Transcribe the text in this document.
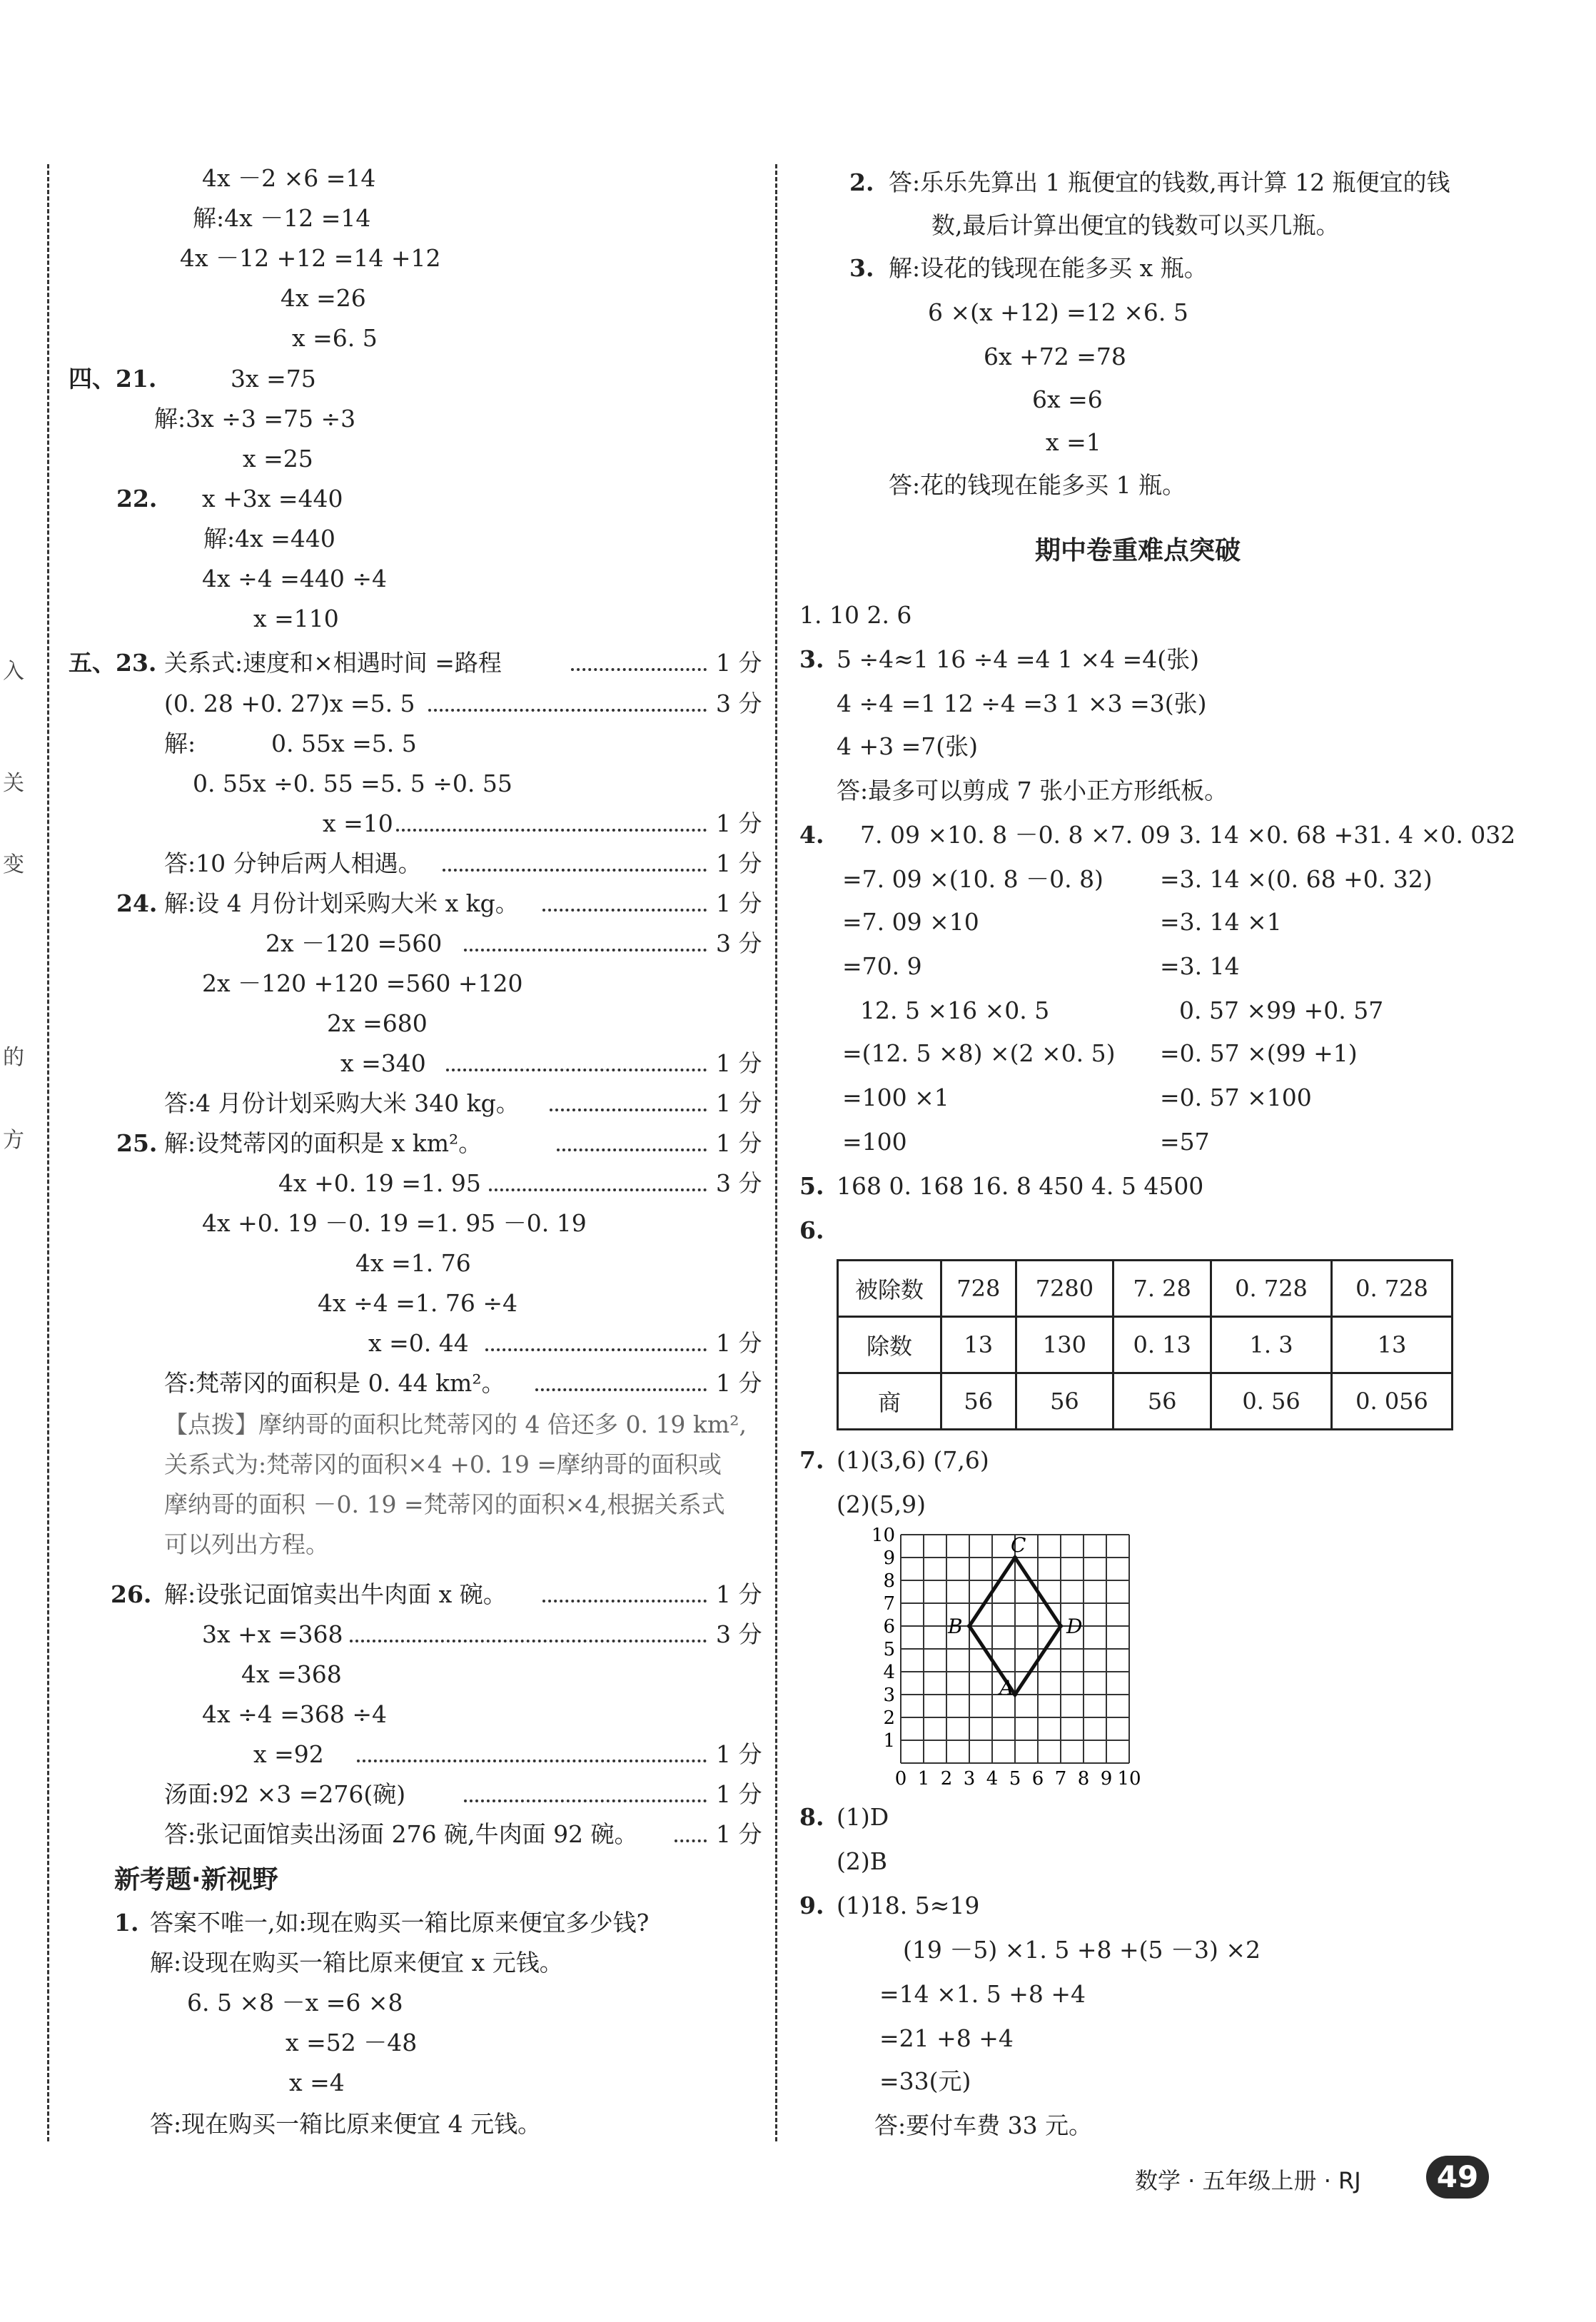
入
关
变
的
方
4x －2 ×6 =14
解:4x －12 =14
4x －12 +12 =14 +12
4x =26
x =6. 5
四、21.	3x =75
解:3x ÷3 =75 ÷3
x =25
22. x +3x =440
解:4x =440
4x ÷4 =440 ÷4
x =110
五、23. 关系式:速度和×相遇时间 =路程	1 分
(0. 28 +0. 27)x =5. 5	3 分
解:	0. 55x =5. 5
0. 55x ÷0. 55 =5. 5 ÷0. 55
x =10	1 分
答:10 分钟后两人相遇。	1 分
24. 解:设 4 月份计划采购大米 x kg。	1 分
2x －120 =560	3 分
2x －120 +120 =560 +120
2x =680
x =340	1 分
答:4 月份计划采购大米 340 kg。	1 分
25. 解:设梵蒂冈的面积是 x km²。	1 分
4x +0. 19 =1. 95	3 分
4x +0. 19 －0. 19 =1. 95 －0. 19
4x =1. 76
4x ÷4 =1. 76 ÷4
x =0. 44	1 分
答:梵蒂冈的面积是 0. 44 km²。	1 分
【点拨】摩纳哥的面积比梵蒂冈的 4 倍还多 0. 19 km²,
关系式为:梵蒂冈的面积×4 +0. 19 =摩纳哥的面积或
摩纳哥的面积 －0. 19 =梵蒂冈的面积×4,根据关系式
可以列出方程。
26. 解:设张记面馆卖出牛肉面 x 碗。	1 分
3x +x =368	3 分
4x =368
4x ÷4 =368 ÷4
x =92	1 分
汤面:92 ×3 =276(碗)	1 分
答:张记面馆卖出汤面 276 碗,牛肉面 92 碗。	1 分
新考题·新视野
1. 答案不唯一,如:现在购买一箱比原来便宜多少钱?
解:设现在购买一箱比原来便宜 x 元钱。
6. 5 ×8 －x =6 ×8
x =52 －48
x =4
答:现在购买一箱比原来便宜 4 元钱。
2. 答:乐乐先算出 1 瓶便宜的钱数,再计算 12 瓶便宜的钱
数,最后计算出便宜的钱数可以买几瓶。
3. 解:设花的钱现在能多买 x 瓶。
6 ×(x +12) =12 ×6. 5
6x +72 =78
6x =6
x =1
答:花的钱现在能多买 1 瓶。
期中卷重难点突破
1. 10 2. 6
3. 5 ÷4≈1 16 ÷4 =4 1 ×4 =4(张)
4 ÷4 =1 12 ÷4 =3 1 ×3 =3(张)
4 +3 =7(张)
答:最多可以剪成 7 张小正方形纸板。
4. 7. 09 ×10. 8 －0. 8 ×7. 09
=7. 09 ×(10. 8 －0. 8)
=7. 09 ×10
=70. 9
12. 5 ×16 ×0. 5
=(12. 5 ×8) ×(2 ×0. 5)
=100 ×1
=100
3. 14 ×0. 68 +31. 4 ×0. 032
=3. 14 ×(0. 68 +0. 32)
=3. 14 ×1
=3. 14
0. 57 ×99 +0. 57
=0. 57 ×(99 +1)
=0. 57 ×100
=57
5. 168 0. 168 16. 8 450 4. 5 4500
6.
被除数	728	7280	7. 28	0. 728	0. 728
除数	13	130	0. 13	1. 3	13
商	56	56	56	0. 56	0. 056
7. (1)(3,6) (7,6)
(2)(5,9)
0 1 2 3 4 5 6 7 8 9 10
1
2
3
4
5
6
7
8
9
10
A
D
C
B
8. (1)D
(2)B
9. (1)18. 5≈19
(19 －5) ×1. 5 +8 +(5 －3) ×2
=14 ×1. 5 +8 +4
=21 +8 +4
=33(元)
答:要付车费 33 元。
数学 · 五年级上册 · RJ	49
